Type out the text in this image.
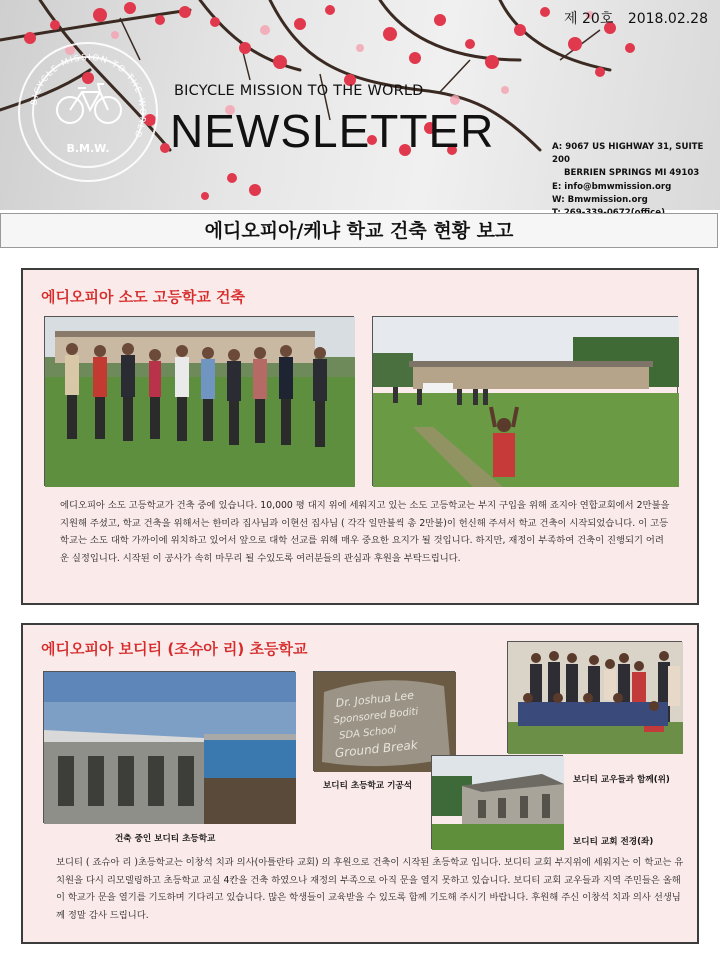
제 20호 2018.02.28
BICYCLE MISSION TO THE WORLD
B.M.W.
BICYCLE MISSION TO THE WORLD
NEWSLETTER	A: 9067 US HIGHWAY 31, SUITE 200

BERRIEN SPRINGS MI 49103
E: info@bmwmission.org
W: Bmwmission.org

에디오피아/케냐 학교 건축 현황 보고
에디오피아 소도 고등학교 건축
에디오피아 소도 고등학교가 건축 중에 있습니다. 10,000 평 대지 위에 세워지고 있는 소도 고등학교는 부지 구입을 위해 죠지아 연합교회에서 2만불을 지원해 주셨고, 학교 건축을 위해서는 한미라 집사님과 이현선 집사님 ( 각각 일만불씩 총 2만불)이 헌신해 주셔서 학교 건축이 시작되었습니다. 이 고등학교는 소도 대학 가까이에 위치하고 있어서 앞으로 대학 선교를 위해 매우 중요한 요지가 될 것입니다. 하지만, 재정이 부족하여 건축이 진행되기 어려운 실정입니다. 시작된 이 공사가 속히 마무리 될 수있도록 여러분들의 관심과 후원을 부탁드립니다.
에디오피아 보디티 (조슈아 리) 초등학교
건축 중인 보디티 초등학교
Dr. Joshua Lee
Sponsored Boditi
SDA School
Ground Break
보디티 초등학교 기공석
보디티 교우들과 함께(위)
보디티 교회 전경(좌)
보디티 ( 죠슈아 리 )초등학교는 이창석 치과 의사(아틀란타 교회) 의 후원으로 건축이 시작된 초등학교 입니다. 보디티 교회 부지위에 세워지는 이 학교는 유치원을 다시 리모델링하고 초등학교 교실 4칸을 건축 하였으나 재정의 부족으로 아직 문을 열지 못하고 있습니다. 보디티 교회 교우들과 지역 주민들은 올해 이 학교가 문을 열기를 기도하며 기다리고 있습니다. 많은 학생들이 교육받을 수 있도록 함께 기도해 주시기 바랍니다. 후원해 주신 이창석 치과 의사 선생님께 정말 감사 드립니다.
